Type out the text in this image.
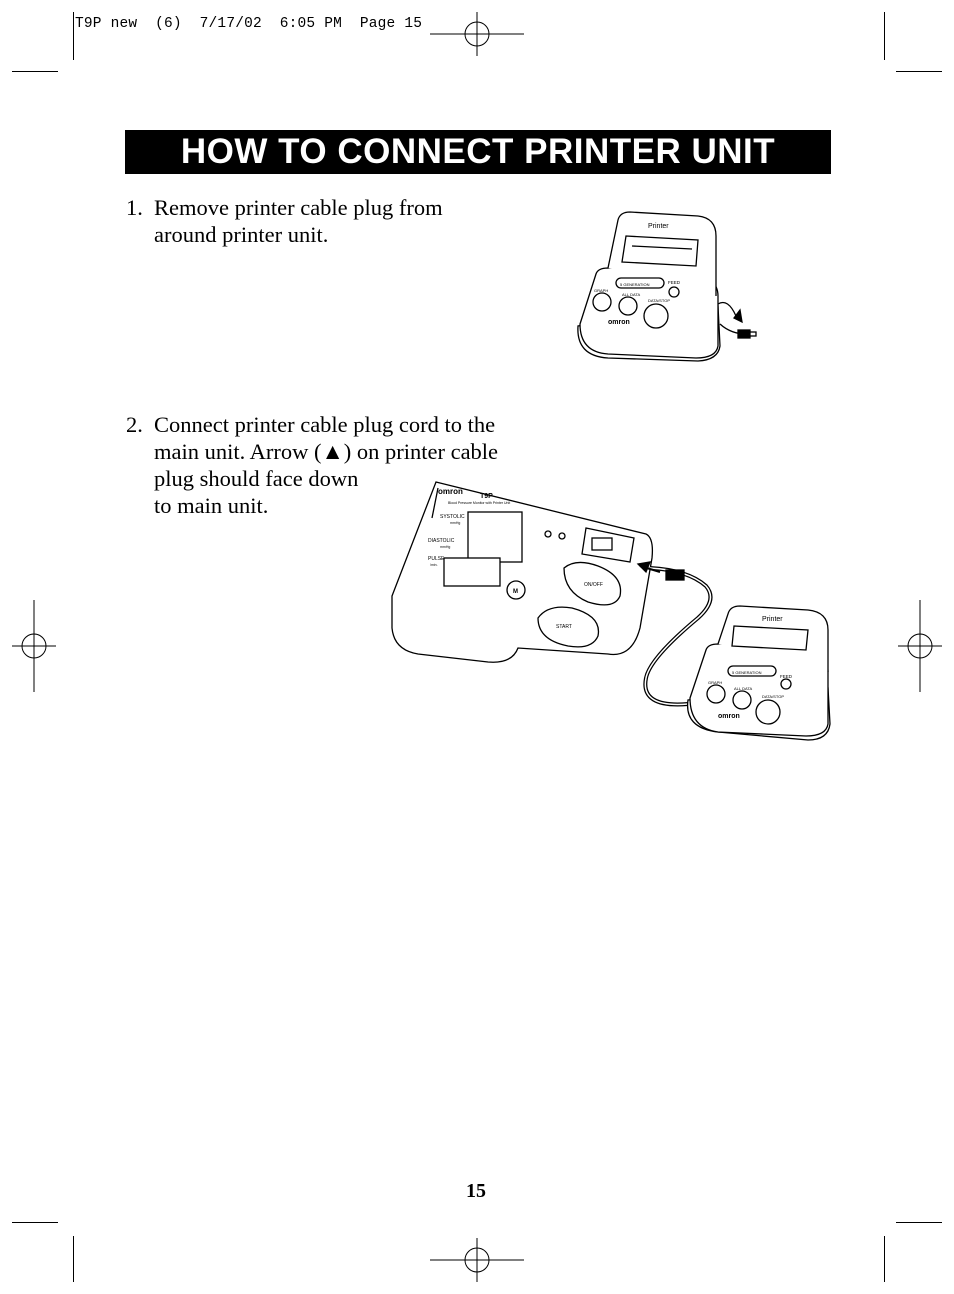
T9P new  (6)  7/17/02  6:05 PM  Page 15
HOW TO CONNECT PRINTER UNIT
1. Remove printer cable plug from
around printer unit.
2. Connect printer cable plug cord to the
main unit. Arrow (▲) on printer cable
plug should face down
to main unit.
Printer
5 GENERATION	FEED
GRAPH
ALL DATA
DATA/STOP
omron
omron
T9P
Blood Pressure Monitor with Printer Unit
SYSTOLIC
mmHg
DIASTOLIC
mmHg
PULSE
/min.
M
ON/OFF
START
Printer
5 GENERATION
FEED
GRAPH
ALL DATA
DATA/STOP
omron
15
